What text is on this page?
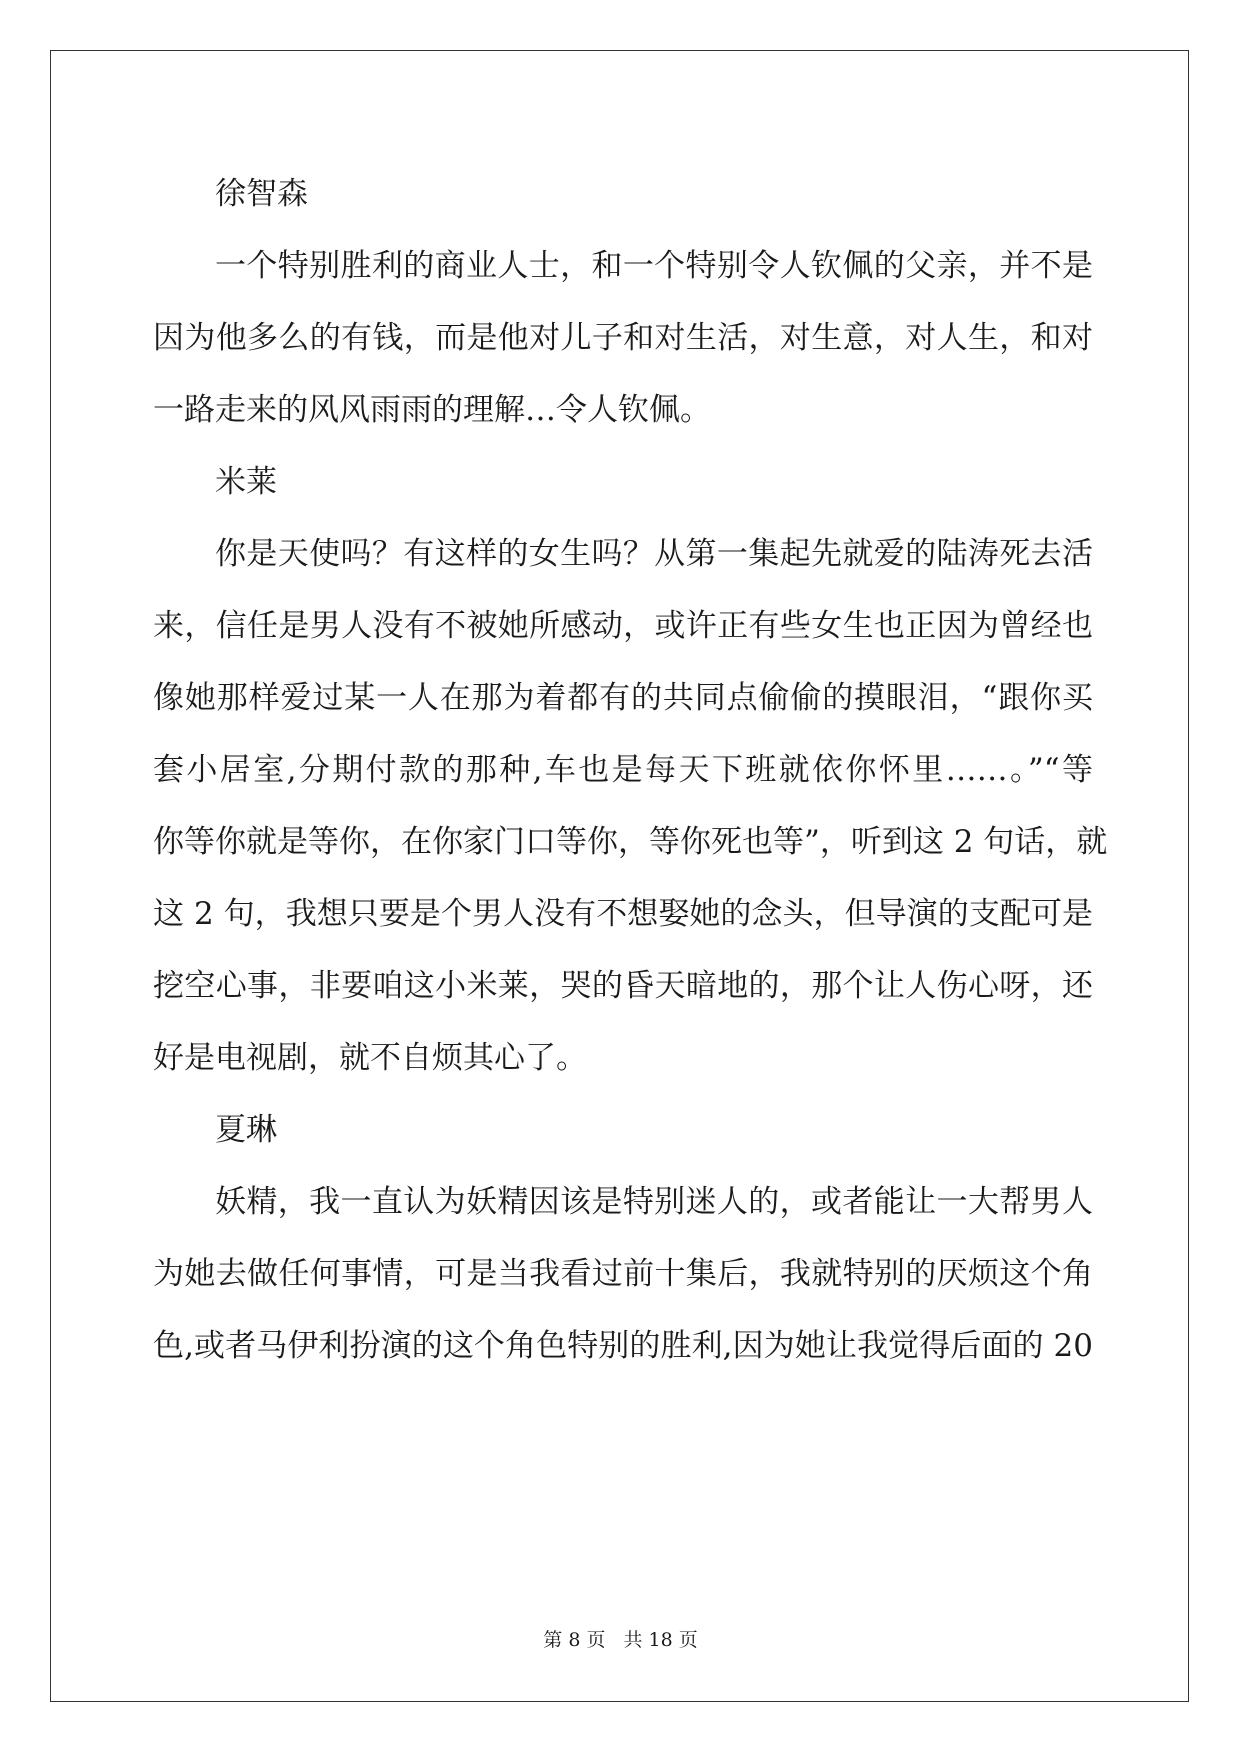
徐智森
一个特别胜利的商业人士，和一个特别令人钦佩的父亲，并不是
因为他多么的有钱，而是他对儿子和对生活，对生意，对人生，和对
一路走来的风风雨雨的理解…令人钦佩。
米莱
你是天使吗？有这样的女生吗？从第一集起先就爱的陆涛死去活
来，信任是男人没有不被她所感动，或许正有些女生也正因为曾经也
像她那样爱过某一人在那为着都有的共同点偷偷的摸眼泪，“跟你买
套小居室,分期付款的那种,车也是每天下班就依你怀里……。”“等
你等你就是等你，在你家门口等你，等你死也等”，听到这 2 句话，就
这 2 句，我想只要是个男人没有不想娶她的念头，但导演的支配可是
挖空心事，非要咱这小米莱，哭的昏天暗地的，那个让人伤心呀，还
好是电视剧，就不自烦其心了。
夏琳
妖精，我一直认为妖精因该是特别迷人的，或者能让一大帮男人
为她去做任何事情，可是当我看过前十集后，我就特别的厌烦这个角
色,或者马伊利扮演的这个角色特别的胜利,因为她让我觉得后面的 20
第 8 页 共 18 页
